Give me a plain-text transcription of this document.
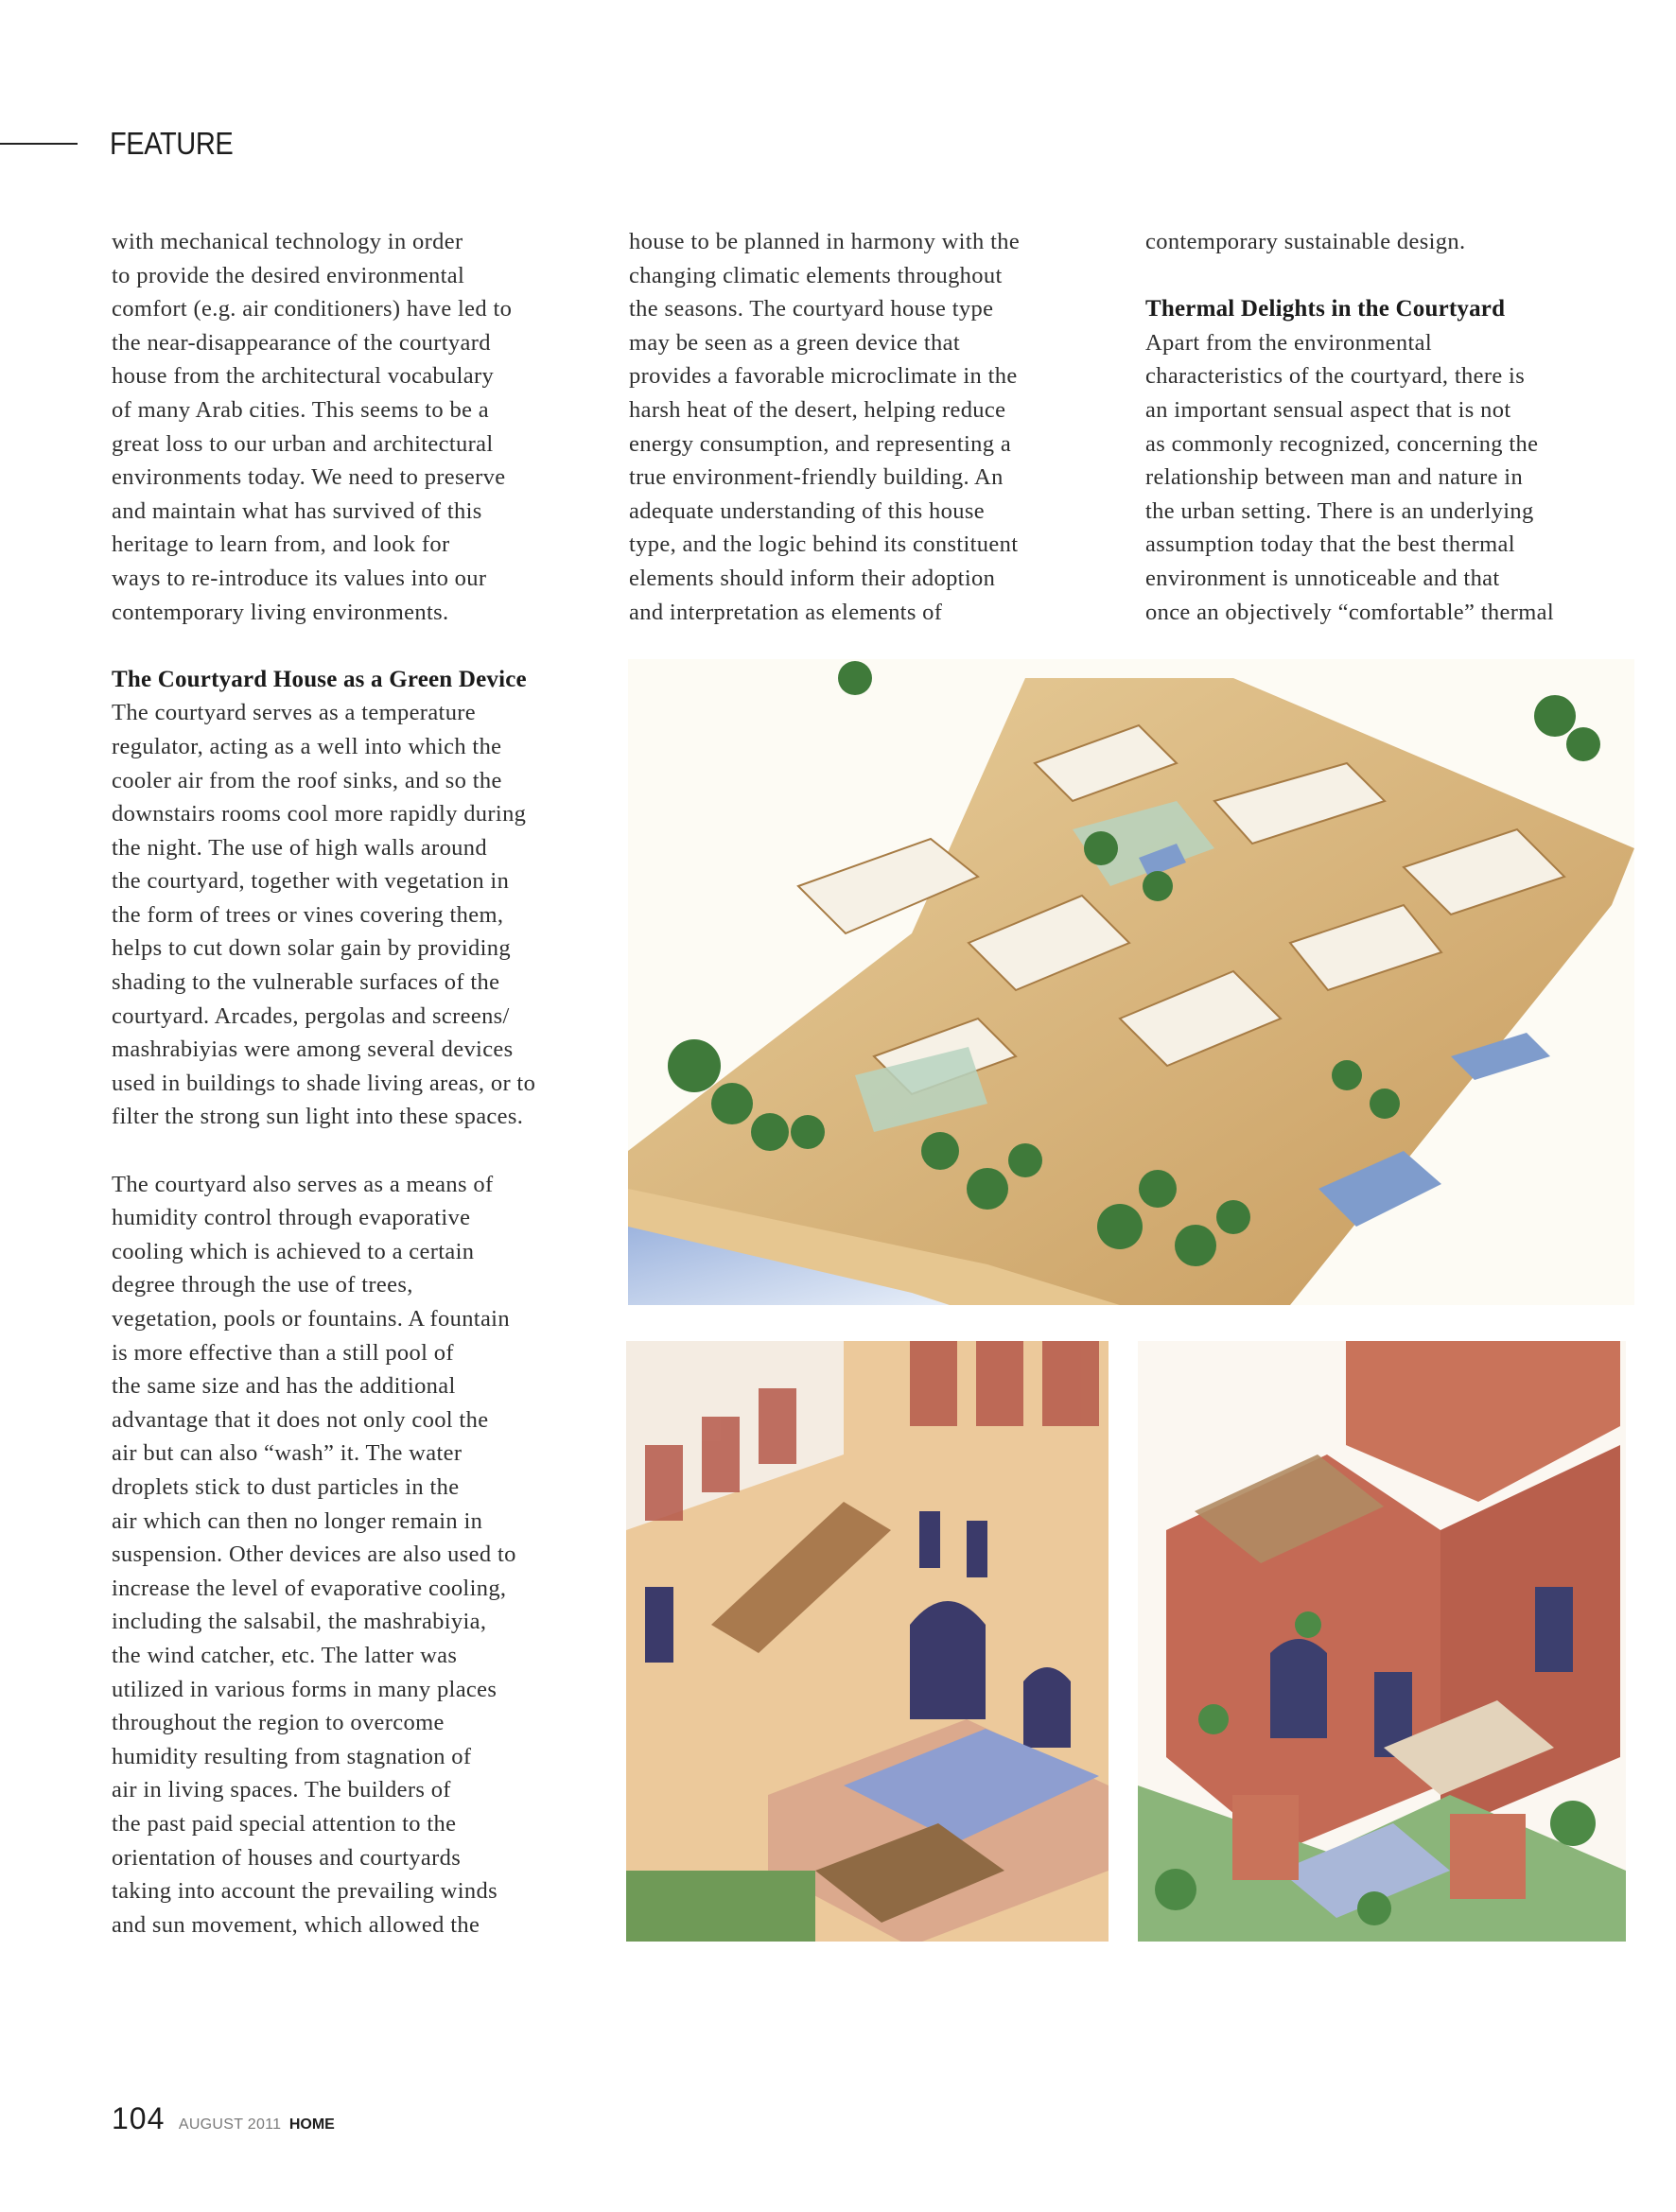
FEATURE
with mechanical technology in order
to provide the desired environmental
comfort (e.g. air conditioners) have led to
the near-disappearance of the courtyard
house from the architectural vocabulary
of many Arab cities. This seems to be a
great loss to our urban and architectural
environments today. We need to preserve
and maintain what has survived of this
heritage to learn from, and look for
ways to re-introduce its values into our
contemporary living environments.
The Courtyard House as a Green Device
The courtyard serves as a temperature
regulator, acting as a well into which the
cooler air from the roof sinks, and so the
downstairs rooms cool more rapidly during
the night. The use of high walls around
the courtyard, together with vegetation in
the form of trees or vines covering them,
helps to cut down solar gain by providing
shading to the vulnerable surfaces of the
courtyard. Arcades, pergolas and screens/
mashrabiyias were among several devices
used in buildings to shade living areas, or to
filter the strong sun light into these spaces.
The courtyard also serves as a means of
humidity control through evaporative
cooling which is achieved to a certain
degree through the use of trees,
vegetation, pools or fountains. A fountain
is more effective than a still pool of
the same size and has the additional
advantage that it does not only cool the
air but can also “wash” it. The water
droplets stick to dust particles in the
air which can then no longer remain in
suspension. Other devices are also used to
increase the level of evaporative cooling,
including the salsabil, the mashrabiyia,
the wind catcher, etc. The latter was
utilized in various forms in many places
throughout the region to overcome
humidity resulting from stagnation of
air in living spaces. The builders of
the past paid special attention to the
orientation of houses and courtyards
taking into account the prevailing winds
and sun movement, which allowed the
house to be planned in harmony with the
changing climatic elements throughout
the seasons. The courtyard house type
may be seen as a green device that
provides a favorable microclimate in the
harsh heat of the desert, helping reduce
energy consumption, and representing a
true environment-friendly building. An
adequate understanding of this house
type, and the logic behind its constituent
elements should inform their adoption
and interpretation as elements of
contemporary sustainable design.
Thermal Delights in the Courtyard
Apart from the environmental
characteristics of the courtyard, there is
an important sensual aspect that is not
as commonly recognized, concerning the
relationship between man and nature in
the urban setting. There is an underlying
assumption today that the best thermal
environment is unnoticeable and that
once an objectively “comfortable” thermal
104 AUGUST 2011 HOME
